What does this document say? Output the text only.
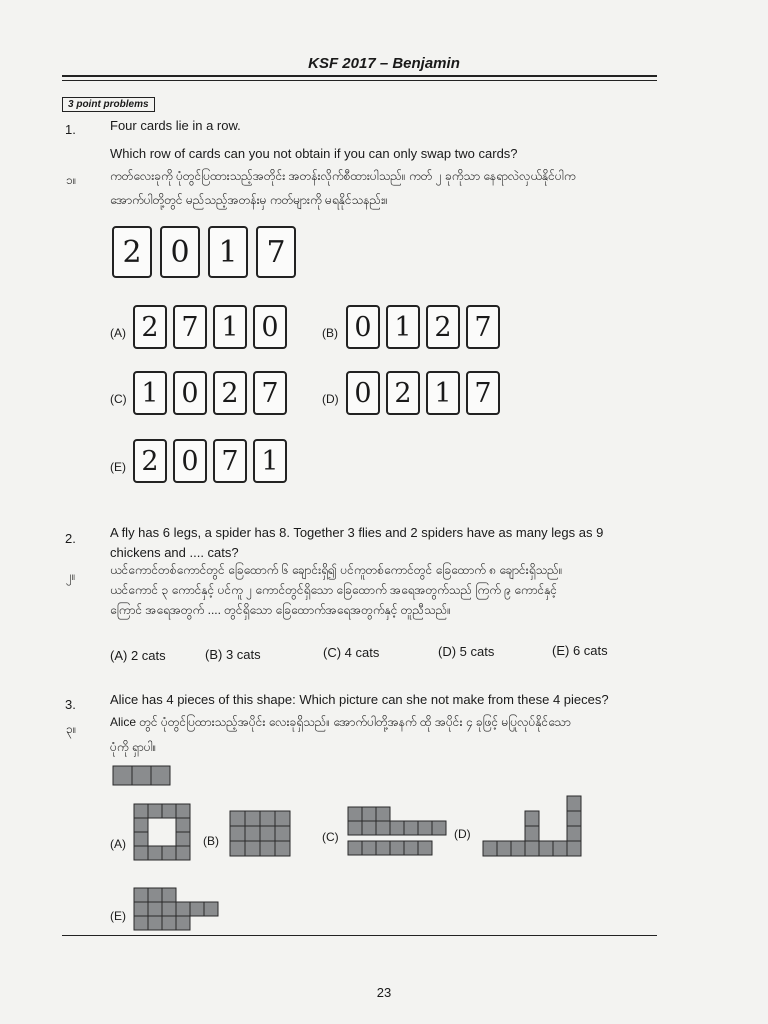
KSF 2017 – Benjamin
3 point problems
1.	Four cards lie in a row.
Which row of cards can you not obtain if you can only swap two cards?
၁။	ကတ်လေးခုကို ပုံတွင်ပြထားသည့်အတိုင်း အတန်းလိုက်စီထားပါသည်။ ကတ် ၂ ခုကိုသာ နေရာလဲလှယ်နိုင်ပါက
အောက်ပါတို့တွင် မည်သည့်အတန်းမှ ကတ်များကို မရနိုင်သနည်း။
2 0 1 7
(A) 2 7 1 0	(B) 0 1 2 7
(C) 1 0 2 7	(D) 0 2 1 7
(E) 2 0 7 1
2.	A fly has 6 legs, a spider has 8. Together 3 flies and 2 spiders have as many legs as 9
chickens and .... cats?
၂။	ယင်ကောင်တစ်ကောင်တွင် ခြေထောက် ၆ ချောင်းရှိ၍ ပင်ကူတစ်ကောင်တွင် ခြေထောက် ၈ ချောင်းရှိသည်။
ယင်ကောင် ၃ ကောင်နှင့် ပင်ကူ ၂ ကောင်တွင်ရှိသော ခြေထောက် အရေအတွက်သည် ကြက် ၉ ကောင်နှင့်
ကြောင် အရေအတွက် .... တွင်ရှိသော ခြေထောက်အရေအတွက်နှင့် တူညီသည်။
(A) 2 cats	(B) 3 cats	(C) 4 cats	(D) 5 cats	(E) 6 cats
3.	Alice has 4 pieces of this shape: Which picture can she not make from these 4 pieces?
၃။	Alice တွင် ပုံတွင်ပြထားသည့်အပိုင်း လေးခုရှိသည်။ အောက်ပါတို့အနက် ထို အပိုင်း ၄ ခုဖြင့် မပြုလုပ်နိုင်သော
ပုံကို ရှာပါ။
(A)	(B)	(C)	(D)
(E)
23
